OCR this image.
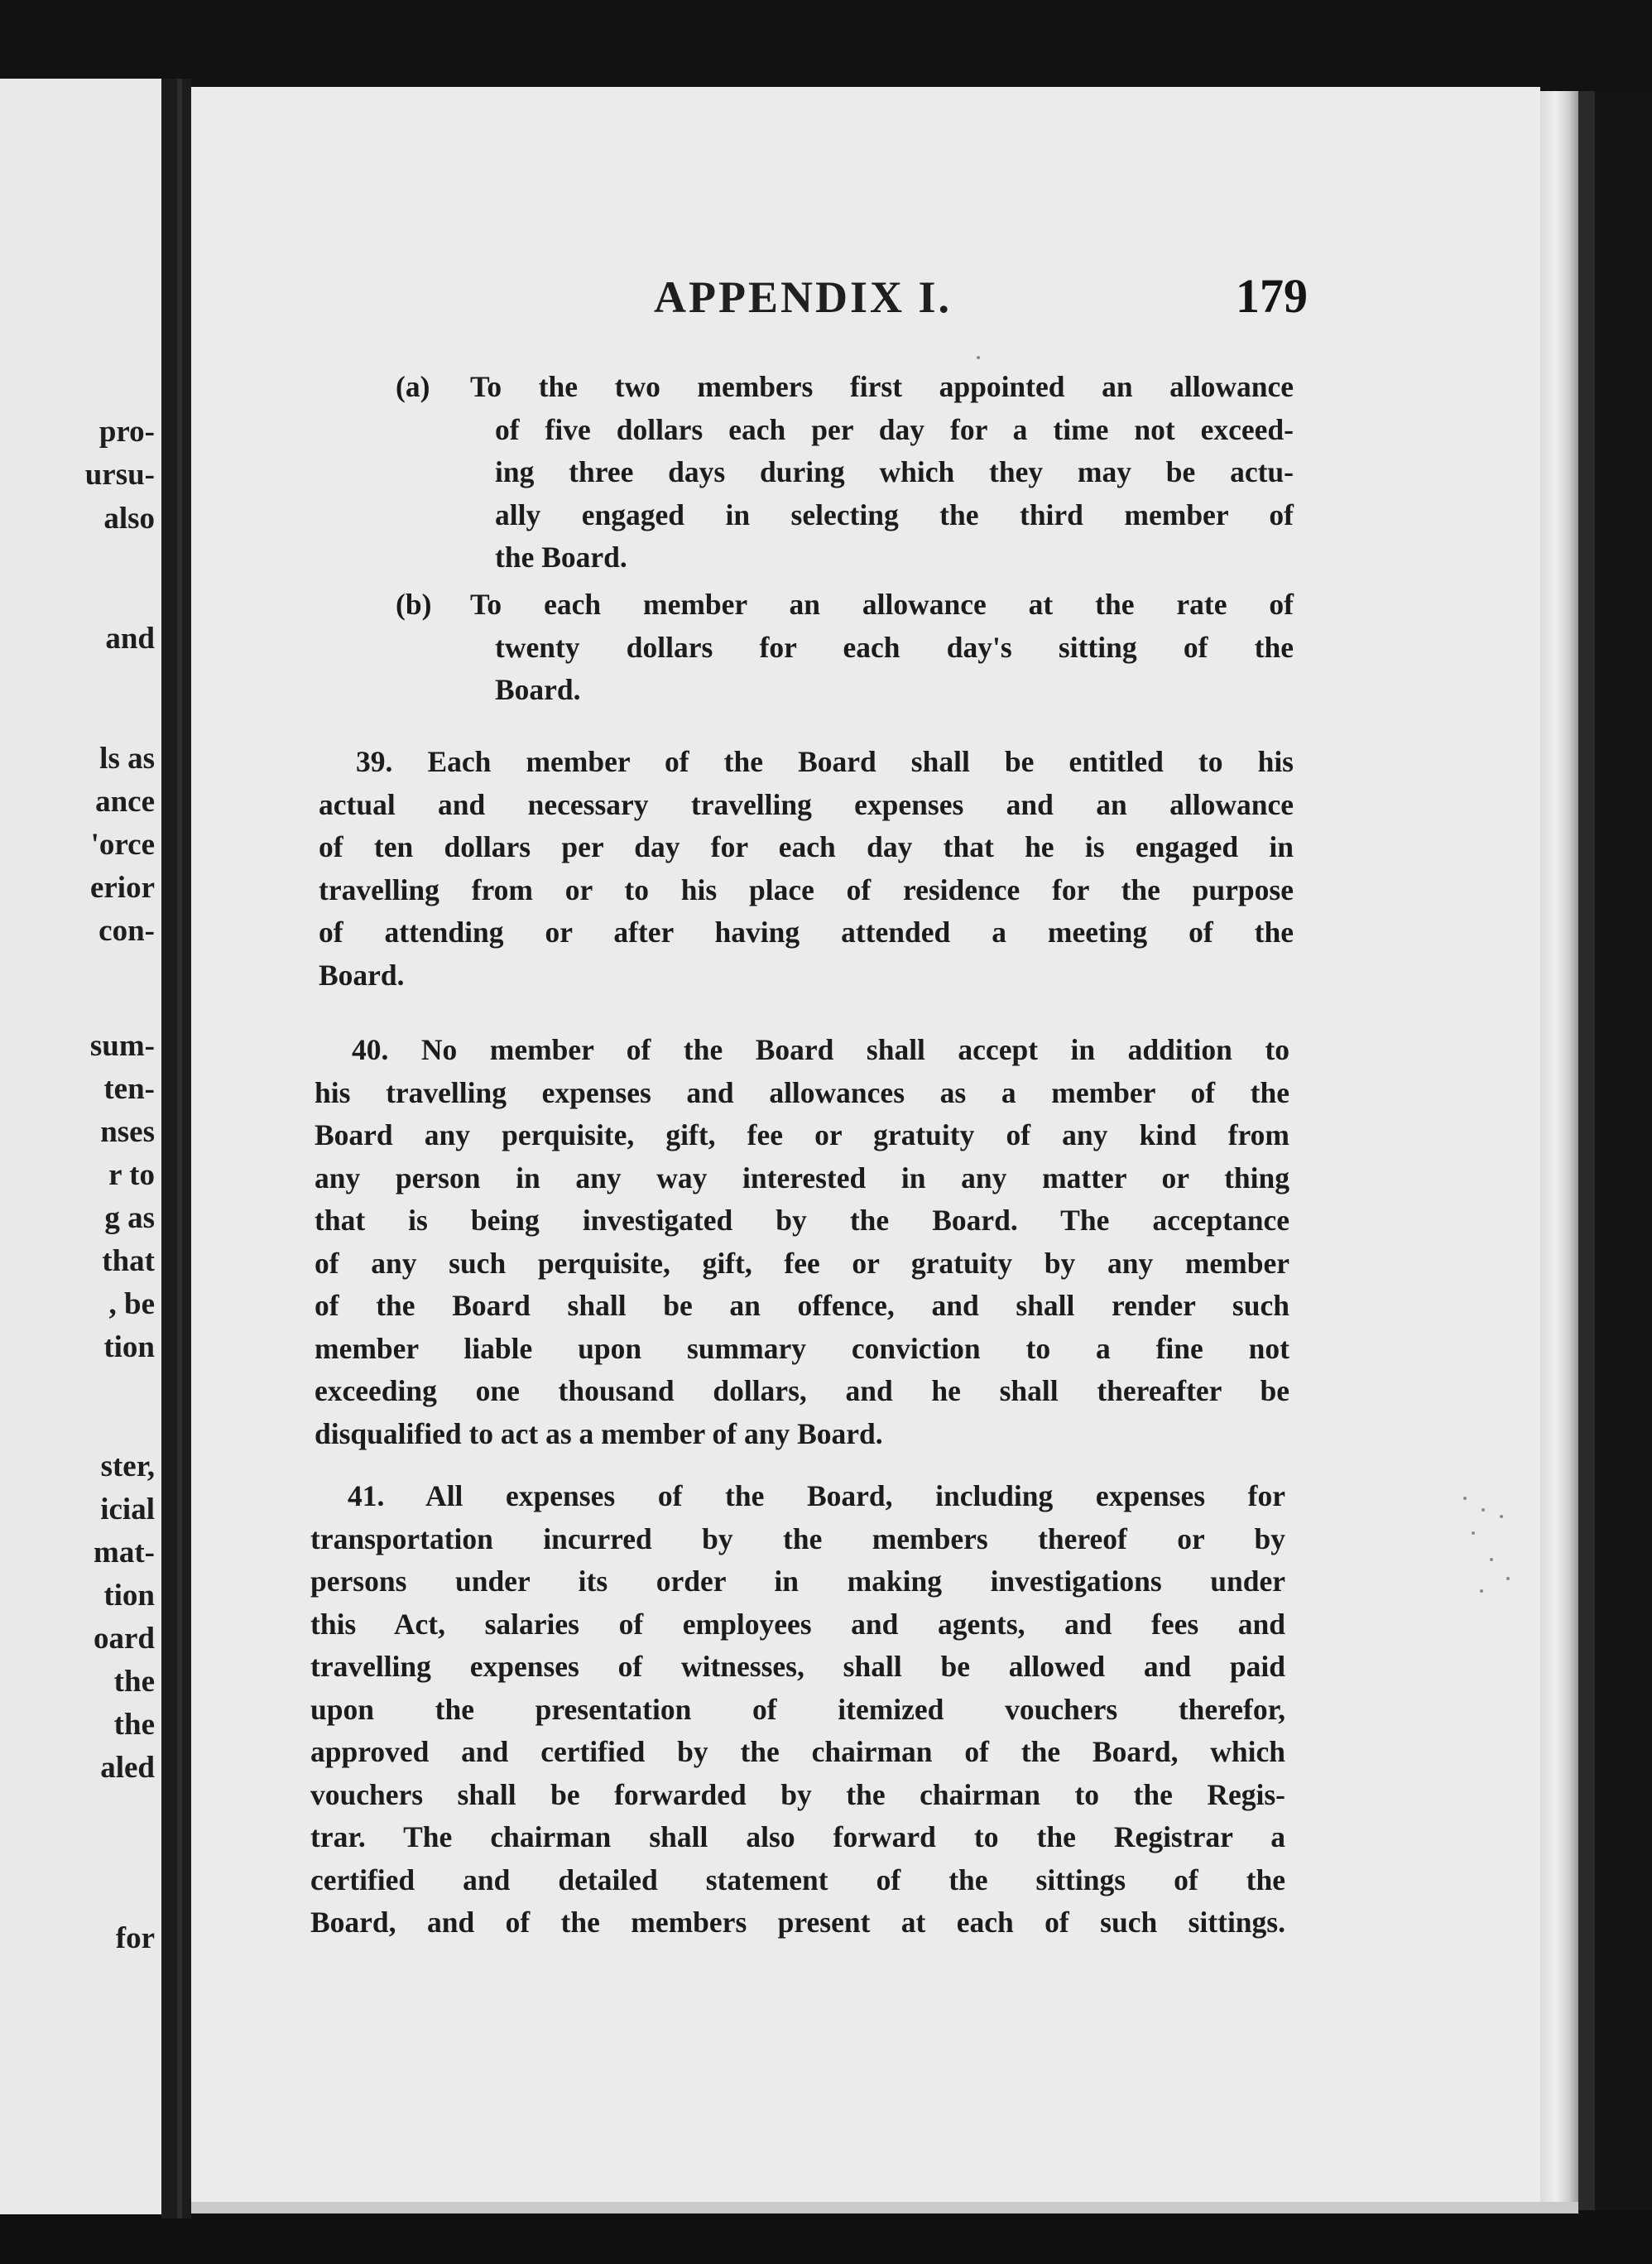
pro-
ursu-
also
and
ls as
ance
'orce
erior
con-
sum-
ten-
nses
r to
g as
that
, be
tion
ster,
icial
mat-
tion
oard
the
the
aled
for
APPENDIX I.	179
(a) To the two members first appointed an allowance
of five dollars each per day for a time not exceed-
ing three days during which they may be actu-
ally engaged in selecting the third member of
the Board.
(b) To each member an allowance at the rate of
twenty dollars for each day's sitting of the
Board.
39. Each member of the Board shall be entitled to his
actual and necessary travelling expenses and an allowance
of ten dollars per day for each day that he is engaged in
travelling from or to his place of residence for the purpose
of attending or after having attended a meeting of the
Board.
40. No member of the Board shall accept in addition to
his travelling expenses and allowances as a member of the
Board any perquisite, gift, fee or gratuity of any kind from
any person in any way interested in any matter or thing
that is being investigated by the Board. The acceptance
of any such perquisite, gift, fee or gratuity by any member
of the Board shall be an offence, and shall render such
member liable upon summary conviction to a fine not
exceeding one thousand dollars, and he shall thereafter be
disqualified to act as a member of any Board.
41. All expenses of the Board, including expenses for
transportation incurred by the members thereof or by
persons under its order in making investigations under
this Act, salaries of employees and agents, and fees and
travelling expenses of witnesses, shall be allowed and paid
upon the presentation of itemized vouchers therefor,
approved and certified by the chairman of the Board, which
vouchers shall be forwarded by the chairman to the Regis-
trar. The chairman shall also forward to the Registrar a
certified and detailed statement of the sittings of the
Board, and of the members present at each of such sittings.
